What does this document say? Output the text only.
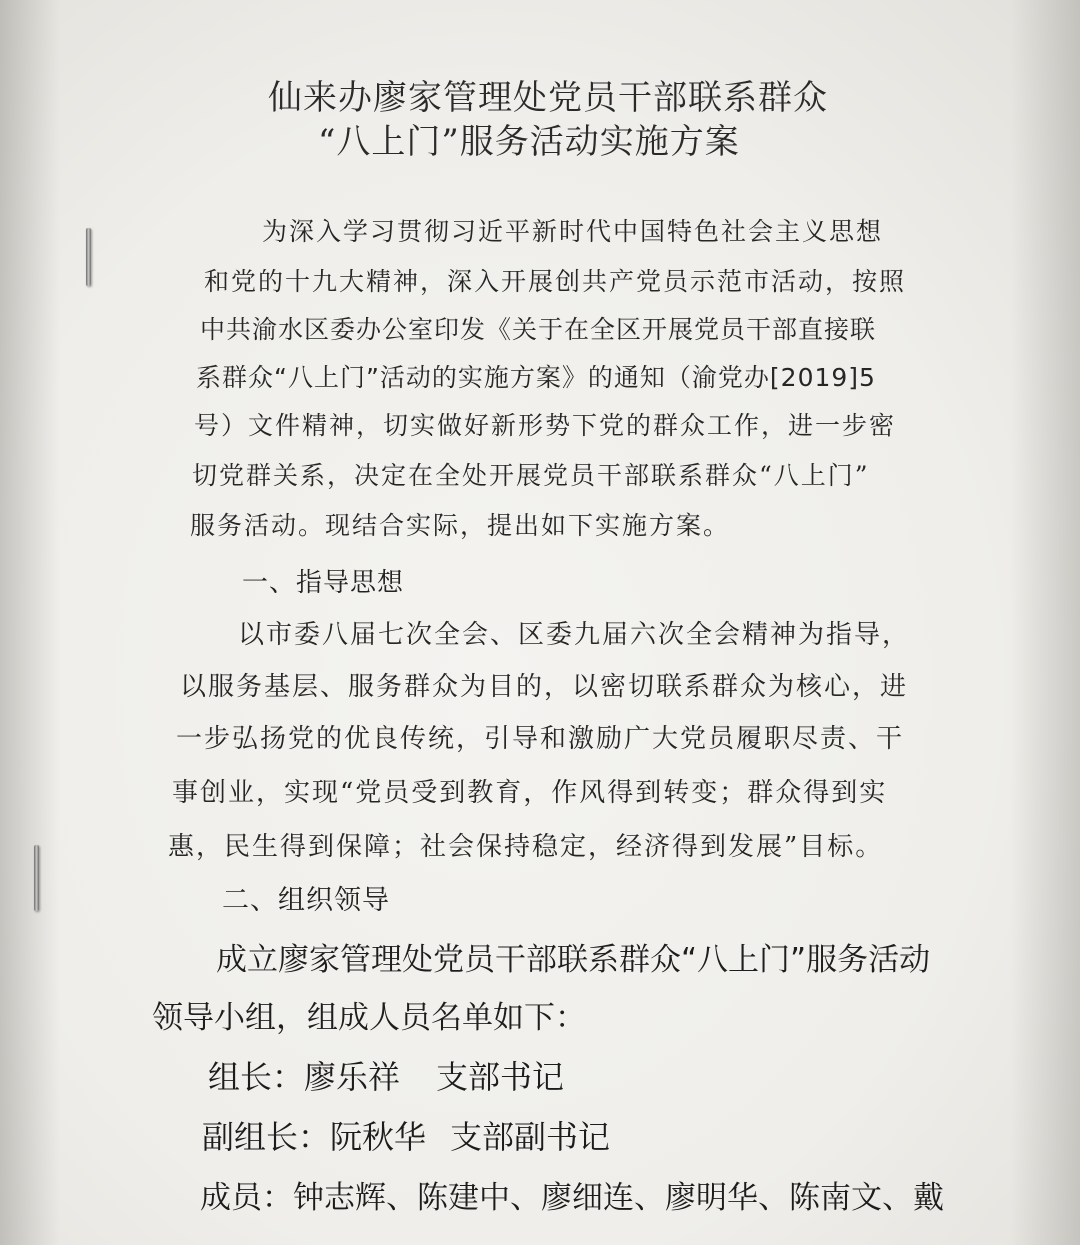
仙来办廖家管理处党员干部联系群众
“八上门”服务活动实施方案
为深入学习贯彻习近平新时代中国特色社会主义思想
和党的十九大精神，深入开展创共产党员示范市活动，按照
中共渝水区委办公室印发《关于在全区开展党员干部直接联
系群众“八上门”活动的实施方案》的通知（渝党办[2019]5
号）文件精神，切实做好新形势下党的群众工作，进一步密
切党群关系，决定在全处开展党员干部联系群众“八上门”
服务活动。现结合实际，提出如下实施方案。
一、指导思想
以市委八届七次全会、区委九届六次全会精神为指导，
以服务基层、服务群众为目的，以密切联系群众为核心，进
一步弘扬党的优良传统，引导和激励广大党员履职尽责、干
事创业，实现“党员受到教育，作风得到转变；群众得到实
惠，民生得到保障；社会保持稳定，经济得到发展”目标。
二、组织领导
成立廖家管理处党员干部联系群众“八上门”服务活动
领导小组，组成人员名单如下：
组长：廖乐祥 支部书记
副组长：阮秋华 支部副书记
成员：钟志辉、陈建中、廖细连、廖明华、陈南文、戴
